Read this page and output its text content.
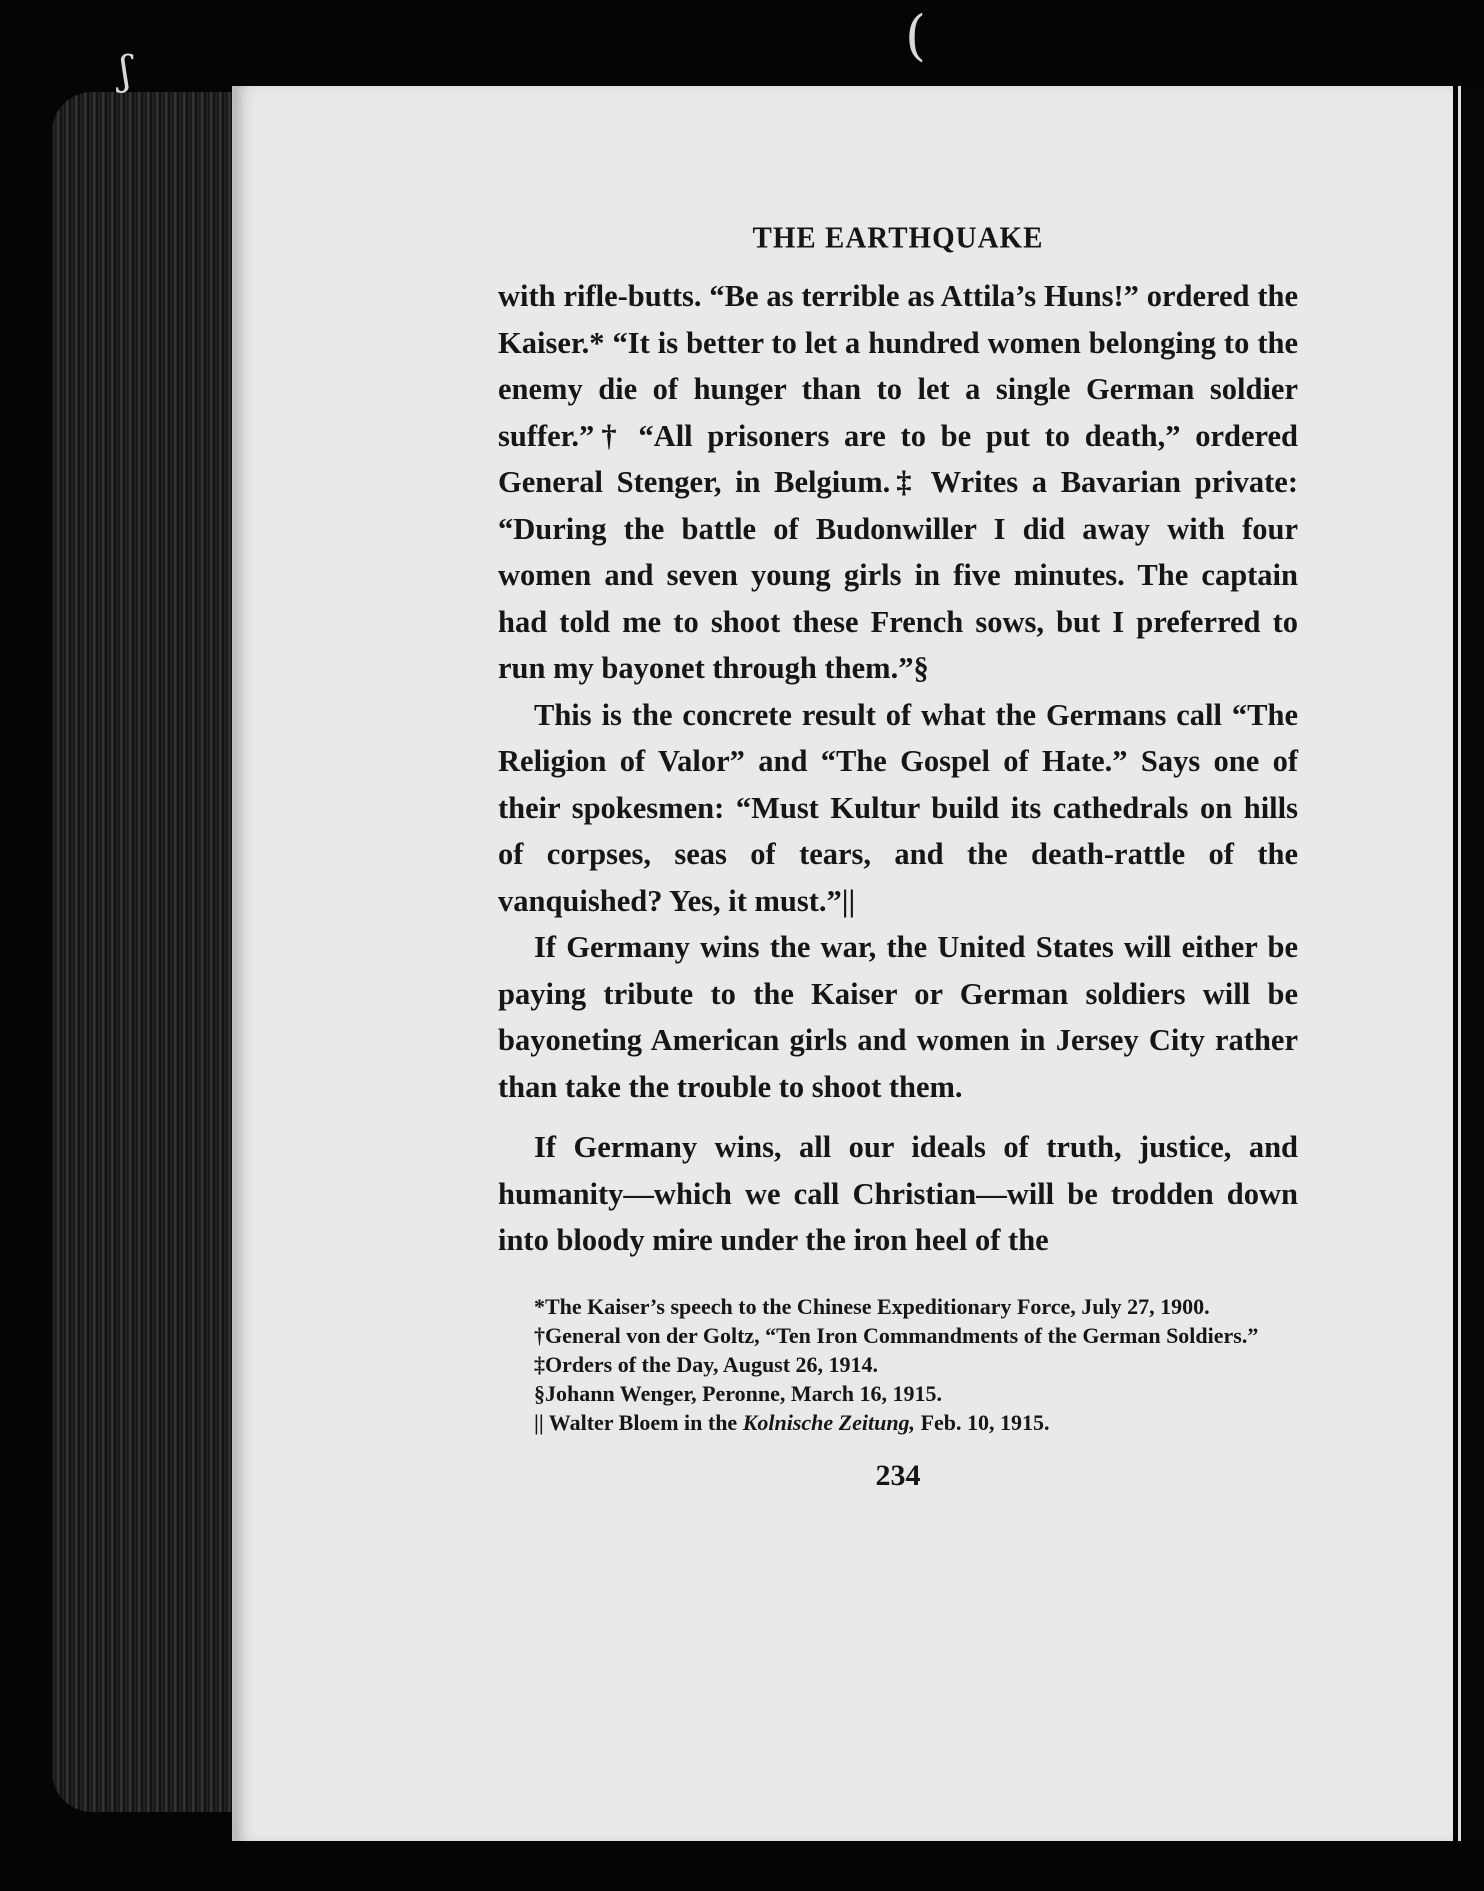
ʃ
(
THE EARTHQUAKE

with rifle-butts. “Be as terrible as Attila’s Huns!” ordered the Kaiser.* “It is better to let a hundred women belonging to the enemy die of hunger than to let a single German soldier suffer.”† “All prisoners are to be put to death,” ordered General Stenger, in Belgium.‡ Writes a Bavarian private: “During the battle of Budonwiller I did away with four women and seven young girls in five minutes. The captain had told me to shoot these French sows, but I preferred to run my bayonet through them.”§

This is the concrete result of what the Germans call “The Religion of Valor” and “The Gospel of Hate.” Says one of their spokesmen: “Must Kultur build its cathedrals on hills of corpses, seas of tears, and the death-rattle of the vanquished? Yes, it must.”||

If Germany wins the war, the United States will either be paying tribute to the Kaiser or German soldiers will be bayoneting American girls and women in Jersey City rather than take the trouble to shoot them.

If Germany wins, all our ideals of truth, justice, and humanity—which we call Christian—will be trodden down into bloody mire under the iron heel of the

*The Kaiser’s speech to the Chinese Expeditionary Force, July 27, 1900.

†General von der Goltz, “Ten Iron Commandments of the German Soldiers.”

‡Orders of the Day, August 26, 1914.

§Johann Wenger, Peronne, March 16, 1915.

|| Walter Bloem in the Kolnische Zeitung, Feb. 10, 1915.

234
